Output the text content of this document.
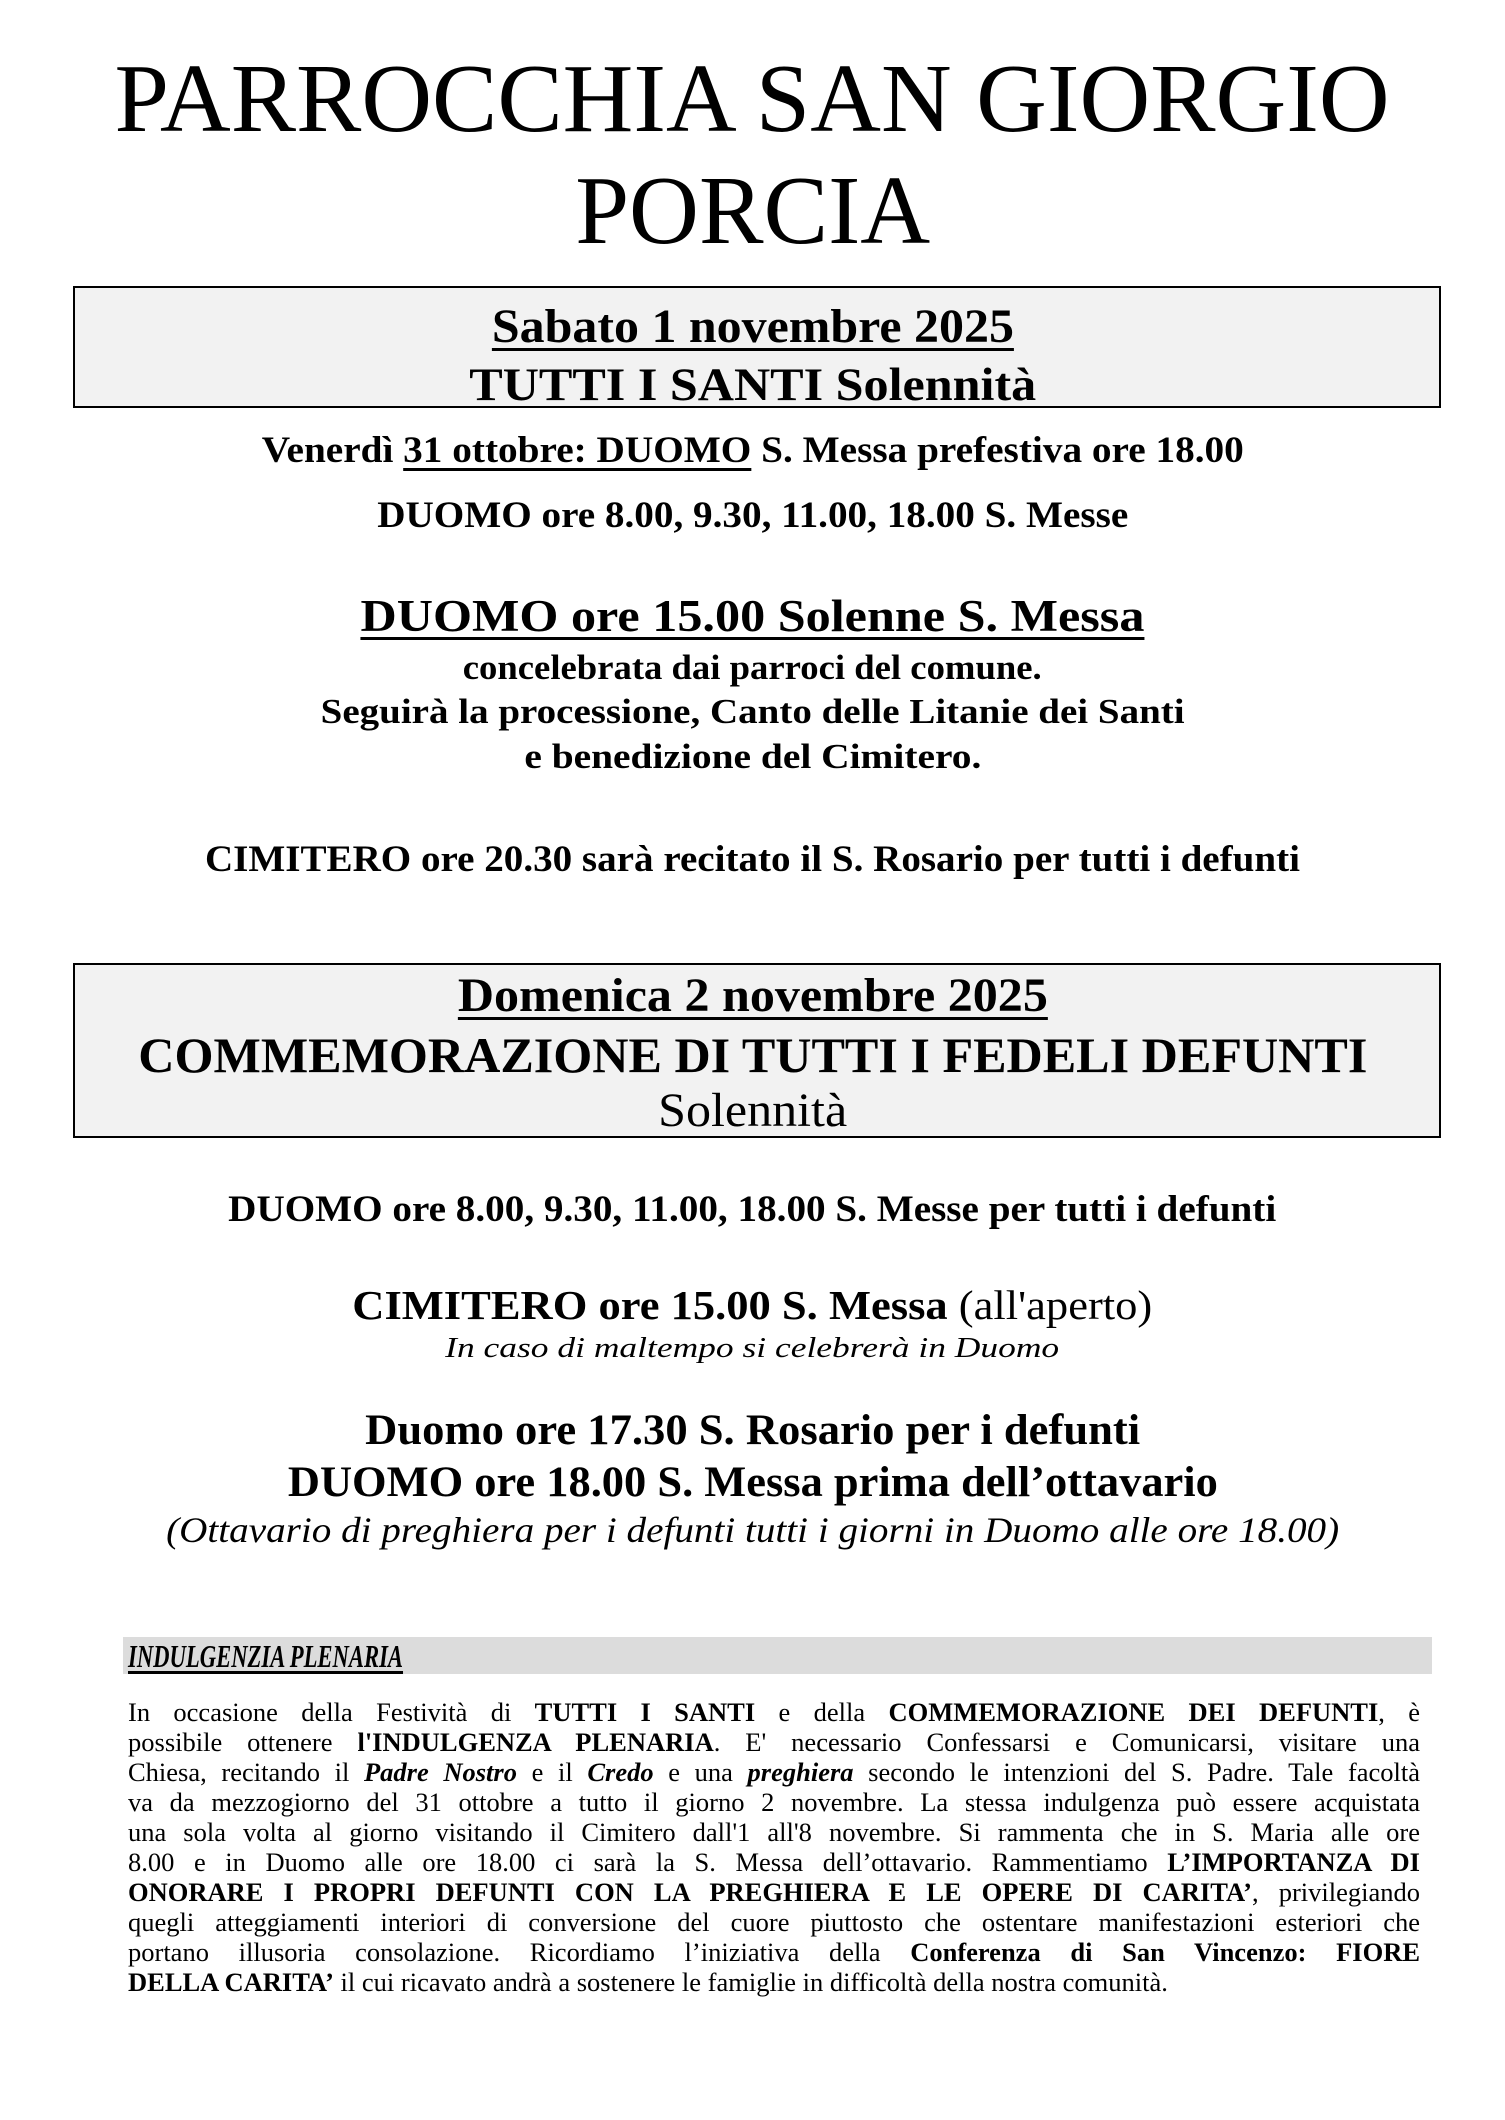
PARROCCHIA SAN GIORGIO
PORCIA
Sabato 1 novembre 2025
TUTTI I SANTI Solennità
Venerdì 31 ottobre: DUOMO S. Messa prefestiva ore 18.00
DUOMO ore 8.00, 9.30, 11.00, 18.00 S. Messe
DUOMO ore 15.00 Solenne S. Messa
concelebrata dai parroci del comune.
Seguirà la processione, Canto delle Litanie dei Santi
e benedizione del Cimitero.
CIMITERO ore 20.30 sarà recitato il S. Rosario per tutti i defunti
Domenica 2 novembre 2025
COMMEMORAZIONE DI TUTTI I FEDELI DEFUNTI
Solennità
DUOMO ore 8.00, 9.30, 11.00, 18.00 S. Messe per tutti i defunti
CIMITERO ore 15.00 S. Messa (all'aperto)
In caso di maltempo si celebrerà in Duomo
Duomo ore 17.30 S. Rosario per i defunti
DUOMO ore 18.00 S. Messa prima dell’ottavario
(Ottavario di preghiera per i defunti tutti i giorni in Duomo alle ore 18.00)
INDULGENZIA PLENARIA
In occasione della Festività di TUTTI I SANTI e della COMMEMORAZIONE DEI DEFUNTI, è
possibile ottenere l'INDULGENZA PLENARIA. E' necessario Confessarsi e Comunicarsi, visitare una
Chiesa, recitando il Padre Nostro e il Credo e una preghiera secondo le intenzioni del S. Padre. Tale facoltà
va da mezzogiorno del 31 ottobre a tutto il giorno 2 novembre. La stessa indulgenza può essere acquistata
una sola volta al giorno visitando il Cimitero dall'1 all'8 novembre. Si rammenta che in S. Maria alle ore
8.00 e in Duomo alle ore 18.00 ci sarà la S. Messa dell’ottavario. Rammentiamo L’IMPORTANZA DI
ONORARE I PROPRI DEFUNTI CON LA PREGHIERA E LE OPERE DI CARITA’, privilegiando
quegli atteggiamenti interiori di conversione del cuore piuttosto che ostentare manifestazioni esteriori che
portano illusoria consolazione. Ricordiamo l’iniziativa della Conferenza di San Vincenzo: FIORE
DELLA CARITA’ il cui ricavato andrà a sostenere le famiglie in difficoltà della nostra comunità.
